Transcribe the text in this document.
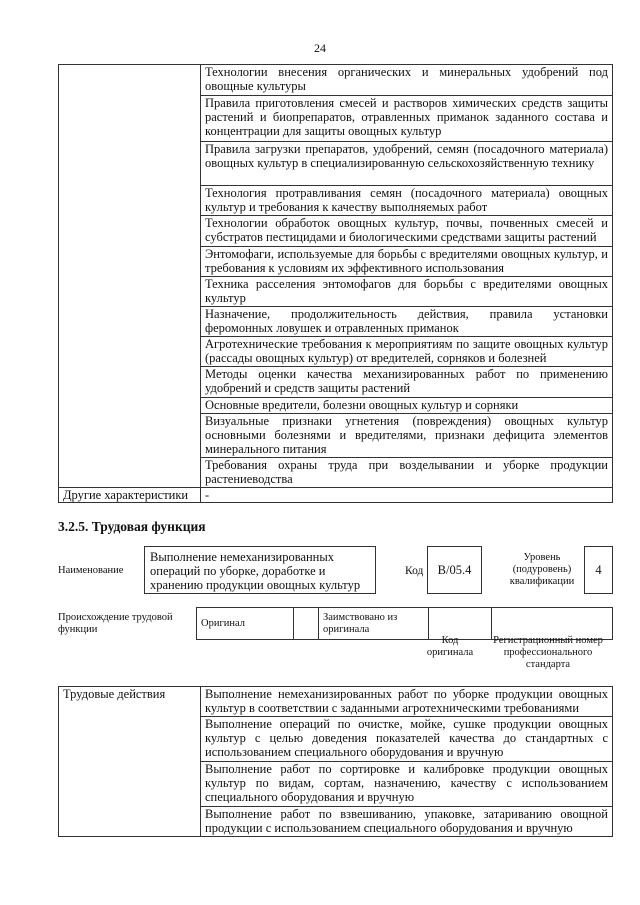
24
	Технологии внесения органических и минеральных удобрений под овощные культуры
	Правила приготовления смесей и растворов химических средств защиты растений и биопрепаратов, отравленных приманок заданного состава и концентрации для защиты овощных культур
	Правила загрузки препаратов, удобрений, семян (посадочного материала) овощных культур в специализированную сельскохозяйственную технику
	Технология протравливания семян (посадочного материала) овощных культур и требования к качеству выполняемых работ
	Технологии обработок овощных культур, почвы, почвенных смесей и субстратов пестицидами и биологическими средствами защиты растений
	Энтомофаги, используемые для борьбы с вредителями овощных культур, и требования к условиям их эффективного использования
	Техника расселения энтомофагов для борьбы с вредителями овощных культур
	Назначение, продолжительность действия, правила установки феромонных ловушек и отравленных приманок
	Агротехнические требования к мероприятиям по защите овощных культур (рассады овощных культур) от вредителей, сорняков и болезней
	Методы оценки качества механизированных работ по применению удобрений и средств защиты растений
	Основные вредители, болезни овощных культур и сорняки
	Визуальные признаки угнетения (повреждения) овощных культур основными болезнями и вредителями, признаки дефицита элементов минерального питания
	Требования охраны труда при возделывании и уборке продукции растениеводства
Другие характеристики	-
3.2.5. Трудовая функция
Наименование
Выполнение немеханизированных операций по уборке, доработке и хранению продукции овощных культур
Код	B/05.4
Уровень (подуровень) квалификации
4
Происхождение трудовой функции
Оригинал		Заимствовано из оригинала		
Код оригинала
Регистрационный номер профессионального стандарта
Трудовые действия	Выполнение немеханизированных работ по уборке продукции овощных культур в соответствии с заданными агротехническими требованиями
Выполнение операций по очистке, мойке, сушке продукции овощных культур с целью доведения показателей качества до стандартных с использованием специального оборудования и вручную
Выполнение работ по сортировке и калибровке продукции овощных культур по видам, сортам, назначению, качеству с использованием специального оборудования и вручную
Выполнение работ по взвешиванию, упаковке, затариванию овощной продукции с использованием специального оборудования и вручную
